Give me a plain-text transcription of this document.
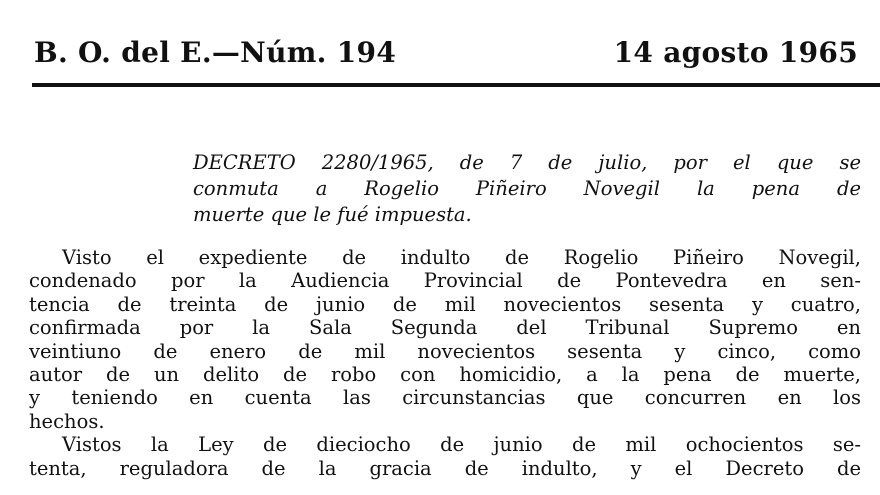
B. O. del E.—Núm. 194	14 agosto 1965
DECRETO 2280/1965, de 7 de julio, por el que se
conmuta a Rogelio Piñeiro Novegil la pena de
muerte que le fué impuesta.
Visto el expediente de indulto de Rogelio Piñeiro Novegil,
condenado por la Audiencia Provincial de Pontevedra en sen-
tencia de treinta de junio de mil novecientos sesenta y cuatro,
confirmada por la Sala Segunda del Tribunal Supremo en
veintiuno de enero de mil novecientos sesenta y cinco, como
autor de un delito de robo con homicidio, a la pena de muerte,
y teniendo en cuenta las circunstancias que concurren en los
hechos.
Vistos la Ley de dieciocho de junio de mil ochocientos se-
tenta, reguladora de la gracia de indulto, y el Decreto de
